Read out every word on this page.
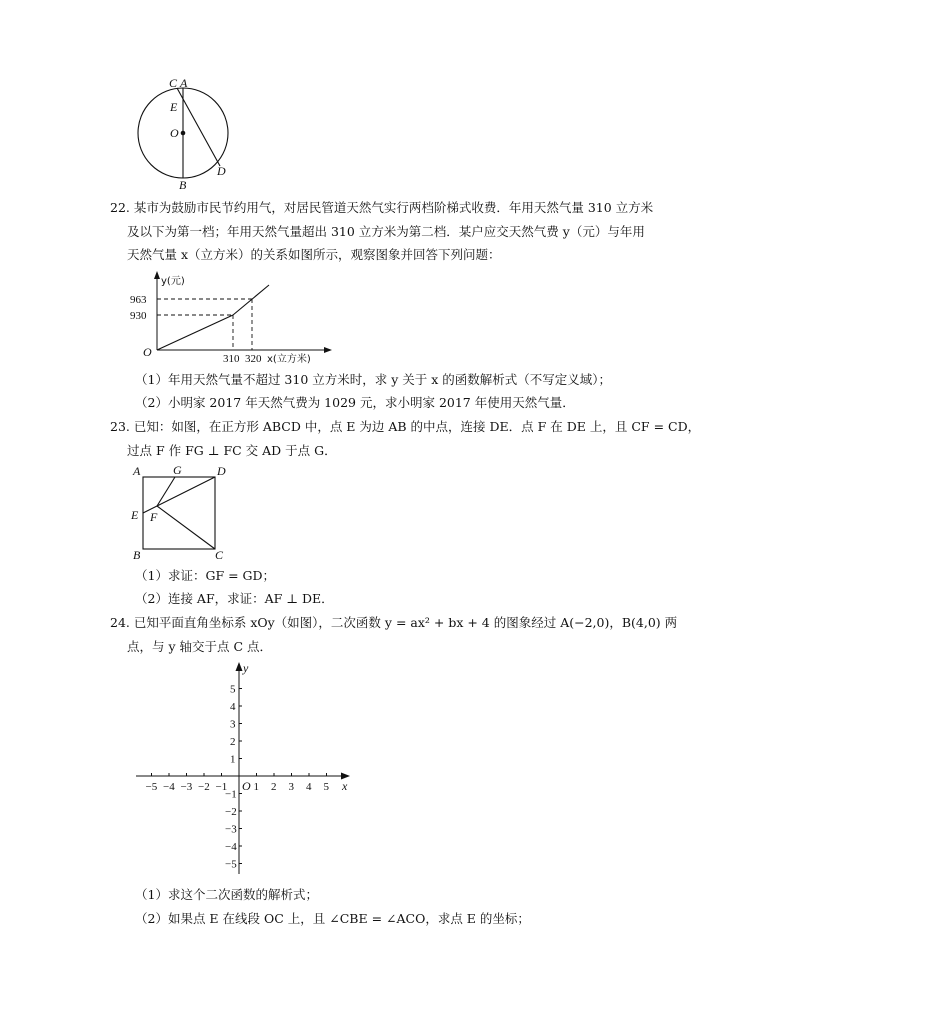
C A
E
O
D
B
22. 某市为鼓励市民节约用气，对居民管道天然气实行两档阶梯式收费．年用天然气量 310 立方米
及以下为第一档；年用天然气量超出 310 立方米为第二档．某户应交天然气费 y（元）与年用
天然气量 x（立方米）的关系如图所示，观察图象并回答下列问题：
y(元)
963
930
O	310 320 x(立方米)
（1）年用天然气量不超过 310 立方米时，求 y 关于 x 的函数解析式（不写定义域）；
（2）小明家 2017 年天然气费为 1029 元，求小明家 2017 年使用天然气量．
23. 已知：如图，在正方形 ABCD 中，点 E 为边 AB 的中点，连接 DE．点 F 在 DE 上，且 CF = CD，
过点 F 作 FG ⊥ FC 交 AD 于点 G．
A	G	D
E F
B	C
（1）求证：GF = GD；
（2）连接 AF，求证：AF ⊥ DE．
24. 已知平面直角坐标系 xOy（如图），二次函数 y = ax² + bx + 4 的图象经过 A(−2,0)，B(4,0) 两
点，与 y 轴交于点 C 点．
x
y
O
−5 −4 −3 −2 −1 1 2 3 4 5
5
4
3
2
1
−1
−2
−3
−4
−5
（1）求这个二次函数的解析式；
（2）如果点 E 在线段 OC 上，且 ∠CBE = ∠ACO，求点 E 的坐标；
